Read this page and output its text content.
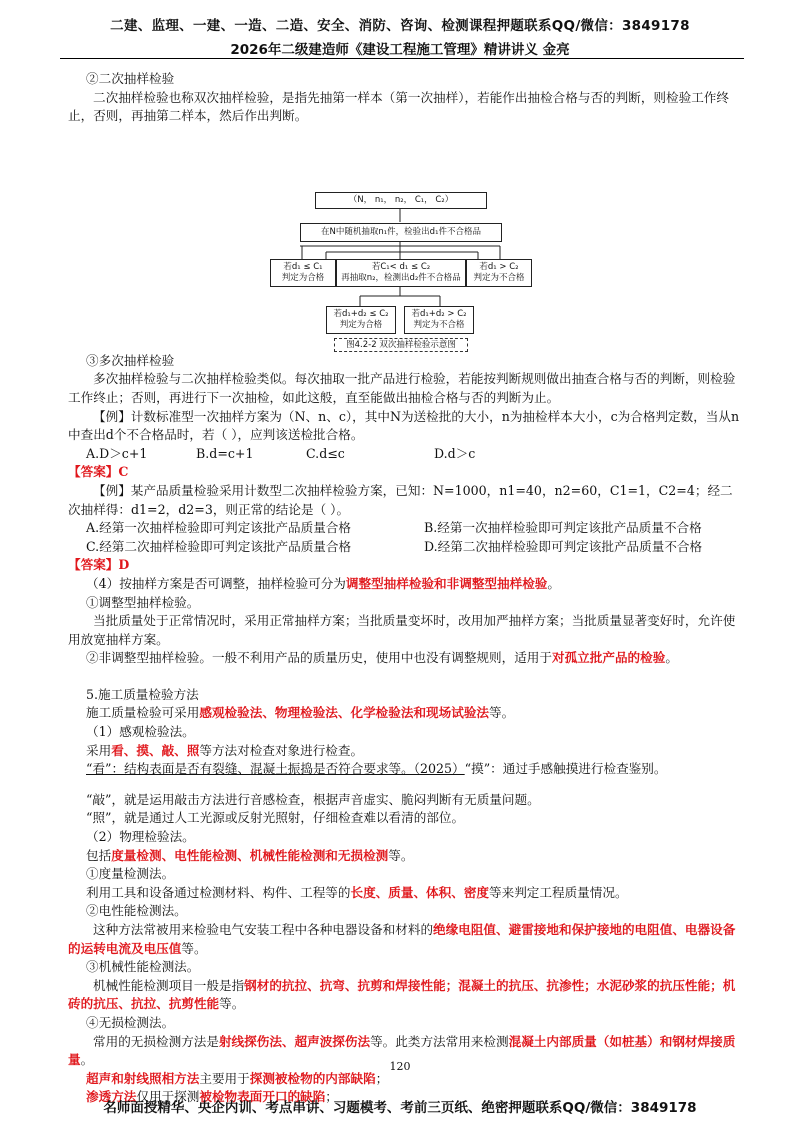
二建、监理、一建、一造、二造、安全、消防、咨询、检测课程押题联系QQ/微信：3849178
2026年二级建造师《建设工程施工管理》精讲讲义 金亮

②二次抽样检验

二次抽样检验也称双次抽样检验，是指先抽第一样本（第一次抽样），若能作出抽检合格与否的判断，则检验工作终止，否则，再抽第二样本，然后作出判断。

（N， n₁， n₂， C₁， C₂）
在N中随机抽取n₁件，检验出d₁件不合格品
若d₁ ≤ C₁
判定为合格
若C₁< d₁ ≤ C₂
再抽取n₂，检测出d₂件不合格品
若d₁ > C₂
判定为不合格
若d₁+d₂ ≤ C₂
判定为合格
若d₁+d₂ > C₂
判定为不合格
图4.2-2 双次抽样检验示意图

③多次抽样检验

多次抽样检验与二次抽样检验类似。每次抽取一批产品进行检验，若能按判断规则做出抽查合格与否的判断，则检验工作终止；否则，再进行下一次抽检，如此这般，直至能做出抽检合格与否的判断为止。

【例】计数标准型一次抽样方案为（N、n、c），其中N为送检批的大小，n为抽检样本大小，c为合格判定数，当从n中查出d个不合格品时，若（ ），应判该送检批合格。

A.D＞c+1	B.d=c+1	C.d≤c	D.d＞c

【答案】C

【例】某产品质量检验采用计数型二次抽样检验方案，已知：N=1000，n1=40，n2=60，C1=1，C2=4；经二次抽样得：d1=2，d2=3，则正常的结论是（ ）。

A.经第一次抽样检验即可判定该批产品质量合格	B.经第一次抽样检验即可判定该批产品质量不合格
C.经第二次抽样检验即可判定该批产品质量合格	D.经第二次抽样检验即可判定该批产品质量不合格

【答案】D

（4）按抽样方案是否可调整，抽样检验可分为调整型抽样检验和非调整型抽样检验。

①调整型抽样检验。

当批质量处于正常情况时，采用正常抽样方案；当批质量变坏时，改用加严抽样方案；当批质量显著变好时，允许使用放宽抽样方案。

②非调整型抽样检验。一般不利用产品的质量历史，使用中也没有调整规则，适用于对孤立批产品的检验。

5.施工质量检验方法

施工质量检验可采用感观检验法、物理检验法、化学检验法和现场试验法等。

（1）感观检验法。

采用看、摸、敲、照等方法对检查对象进行检查。

“看”：结构表面是否有裂缝、混凝土振捣是否符合要求等。（2025）“摸”：通过手感触摸进行检查鉴别。

“敲”，就是运用敲击方法进行音感检查，根据声音虚实、脆闷判断有无质量问题。

“照”，就是通过人工光源或反射光照射，仔细检查难以看清的部位。

（2）物理检验法。

包括度量检测、电性能检测、机械性能检测和无损检测等。

①度量检测法。

利用工具和设备通过检测材料、构件、工程等的长度、质量、体积、密度等来判定工程质量情况。

②电性能检测法。

这种方法常被用来检验电气安装工程中各种电器设备和材料的绝缘电阻值、避雷接地和保护接地的电阻值、电器设备的运转电流及电压值等。

③机械性能检测法。

机械性能检测项目一般是指钢材的抗拉、抗弯、抗剪和焊接性能；混凝土的抗压、抗渗性；水泥砂浆的抗压性能；机砖的抗压、抗拉、抗剪性能等。

④无损检测法。

常用的无损检测方法是射线探伤法、超声波探伤法等。此类方法常用来检测混凝土内部质量（如桩基）和钢材焊接质量。

超声和射线照相方法主要用于探测被检物的内部缺陷；

渗透方法仅用于探测被检物表面开口的缺陷；

120
名师面授精华、央企内训、考点串讲、习题模考、考前三页纸、绝密押题联系QQ/微信：3849178
